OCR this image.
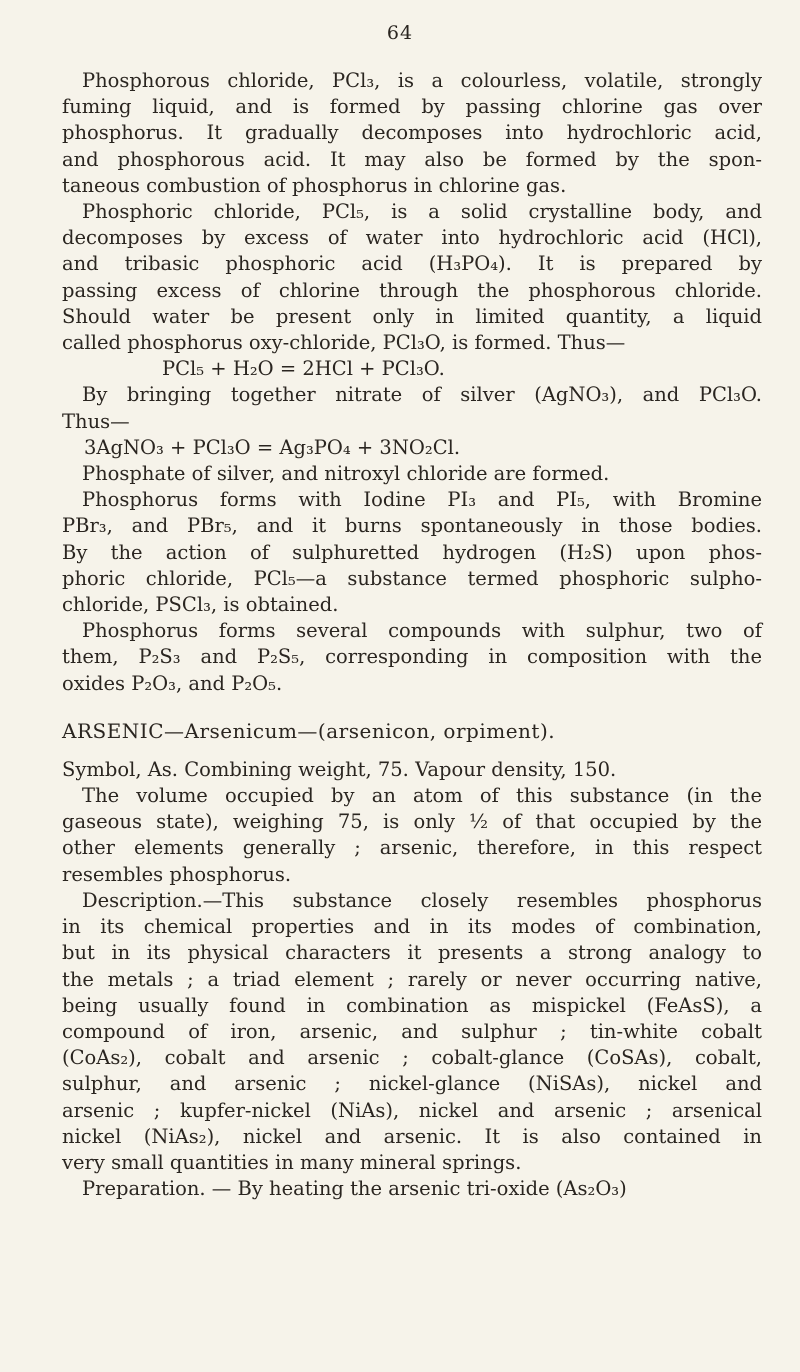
64
Phosphorous chloride, PCl₃, is a colourless, volatile, strongly
fuming liquid, and is formed by passing chlorine gas over
phosphorus. It gradually decomposes into hydrochloric acid,
and phosphorous acid. It may also be formed by the spon-
taneous combustion of phosphorus in chlorine gas.
Phosphoric chloride, PCl₅, is a solid crystalline body, and
decomposes by excess of water into hydrochloric acid (HCl),
and tribasic phosphoric acid (H₃PO₄). It is prepared by
passing excess of chlorine through the phosphorous chloride.
Should water be present only in limited quantity, a liquid
called phosphorus oxy-chloride, PCl₃O, is formed. Thus—
PCl₅ + H₂O = 2HCl + PCl₃O.
By bringing together nitrate of silver (AgNO₃), and PCl₃O.
Thus—
3AgNO₃ + PCl₃O = Ag₃PO₄ + 3NO₂Cl.
Phosphate of silver, and nitroxyl chloride are formed.
Phosphorus forms with Iodine PI₃ and PI₅, with Bromine
PBr₃, and PBr₅, and it burns spontaneously in those bodies.
By the action of sulphuretted hydrogen (H₂S) upon phos-
phoric chloride, PCl₅—a substance termed phosphoric sulpho-
chloride, PSCl₃, is obtained.
Phosphorus forms several compounds with sulphur, two of
them, P₂S₃ and P₂S₅, corresponding in composition with the
oxides P₂O₃, and P₂O₅.
ARSENIC—Arsenicum—(arsenicon, orpiment).
Symbol, As. Combining weight, 75. Vapour density, 150.
The volume occupied by an atom of this substance (in the
gaseous state), weighing 75, is only ½ of that occupied by the
other elements generally ; arsenic, therefore, in this respect
resembles phosphorus.
Description.—This substance closely resembles phosphorus
in its chemical properties and in its modes of combination,
but in its physical characters it presents a strong analogy to
the metals ; a triad element ; rarely or never occurring native,
being usually found in combination as mispickel (FeAsS), a
compound of iron, arsenic, and sulphur ; tin-white cobalt
(CoAs₂), cobalt and arsenic ; cobalt-glance (CoSAs), cobalt,
sulphur, and arsenic ; nickel-glance (NiSAs), nickel and
arsenic ; kupfer-nickel (NiAs), nickel and arsenic ; arsenical
nickel (NiAs₂), nickel and arsenic. It is also contained in
very small quantities in many mineral springs.
Preparation. — By heating the arsenic tri-oxide (As₂O₃)
